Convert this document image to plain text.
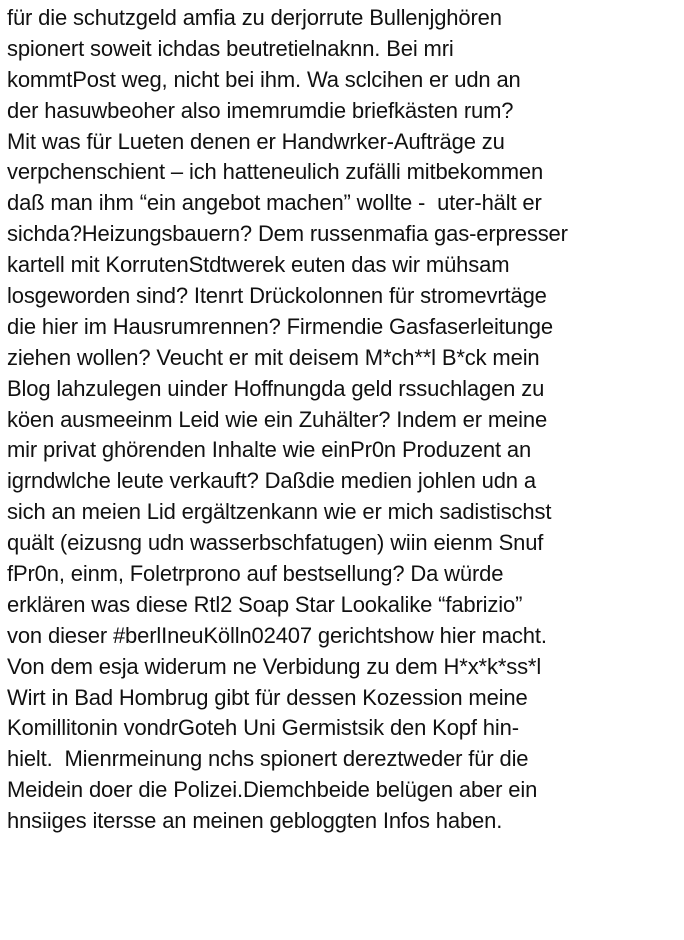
für die schutzgeld amfia zu derjorrute Bullenjghören
spionert soweit ichdas beutretielnaknn. Bei mri
kommtPost weg, nicht bei ihm. Wa sclcihen er udn an
der hasuwbeoher also imemrumdie briefkästen rum?
Mit was für Lueten denen er Handwrker-Aufträge zu
verpchenschient – ich hatteneulich zufälli mitbekommen
daß man ihm “ein angebot machen” wollte -  uter-hält er
sichda?Heizungsbauern? Dem russenmafia gas-erpresser
kartell mit KorrutenStdtwerek euten das wir mühsam
losgeworden sind? Itenrt Drückolonnen für stromevrtäge
die hier im Hausrumrennen? Firmendie Gasfaserleitunge
ziehen wollen? Veucht er mit deisem M*ch**l B*ck mein
Blog lahzulegen uinder Hoffnungda geld rssuchlagen zu
köen ausmeeinm Leid wie ein Zuhälter? Indem er meine
mir privat ghörenden Inhalte wie einPr0n Produzent an
igrndwlche leute verkauft? Daßdie medien johlen udn a
sich an meien Lid ergältzenkann wie er mich sadistischst
quält (eizusng udn wasserbschfatugen) wiin eienm Snuf
fPr0n, einm, Foletrprono auf bestsellung? Da würde
erklären was diese Rtl2 Soap Star Lookalike “fabrizio”
von dieser #berlIneuKölln02407 gerichtshow hier macht.
Von dem esja widerum ne Verbidung zu dem H*x*k*ss*l
Wirt in Bad Hombrug gibt für dessen Kozession meine
Komillitonin vondrGoteh Uni Germistsik den Kopf hin-
hielt.  Mienrmeinung nchs spionert dereztweder für die
Meidein doer die Polizei.Diemchbeide belügen aber ein
hnsiiges itersse an meinen gebloggten Infos haben.
